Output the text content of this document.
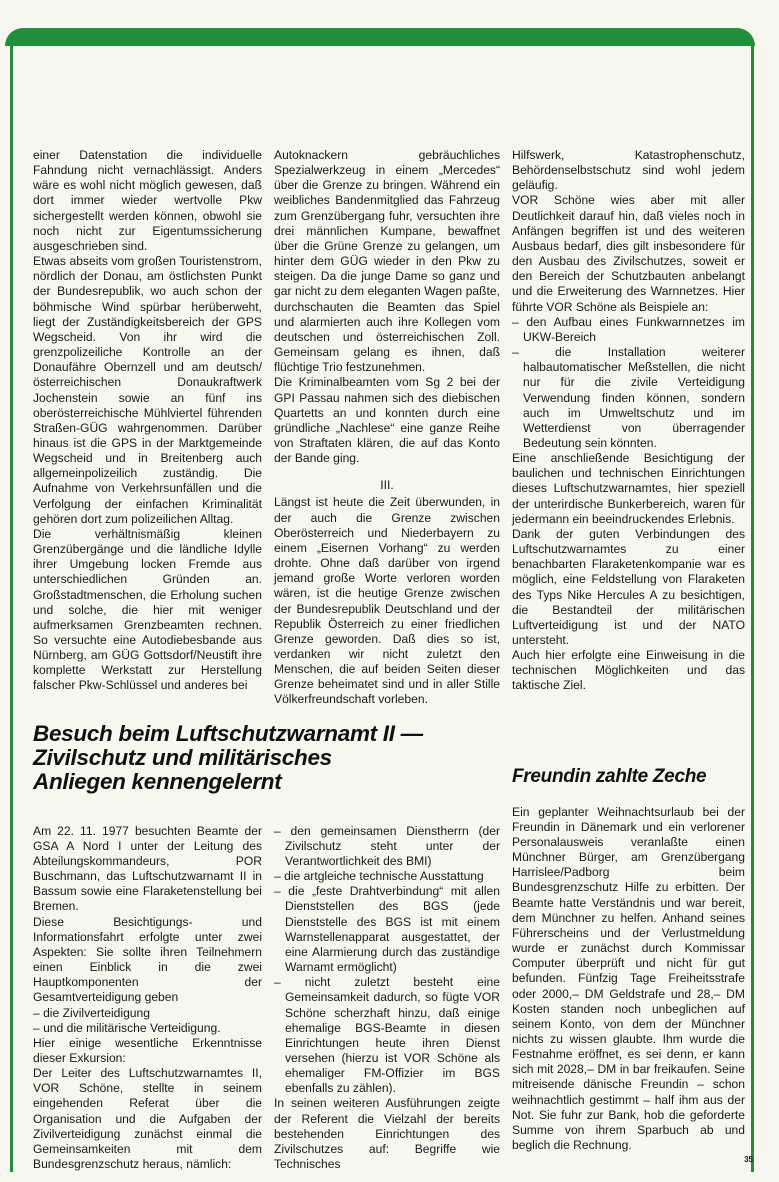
einer Datenstation die individuelle Fahndung nicht vernachlässigt. Anders wäre es wohl nicht möglich gewesen, daß dort immer wieder wertvolle Pkw sichergestellt werden können, obwohl sie noch nicht zur Eigentumssicherung ausgeschrieben sind.

Etwas abseits vom großen Touristenstrom, nördlich der Donau, am östlichsten Punkt der Bundesrepublik, wo auch schon der böhmische Wind spürbar herüberweht, liegt der Zuständigkeitsbereich der GPS Wegscheid. Von ihr wird die grenzpolizeiliche Kontrolle an der Donaufähre Obernzell und am deutsch/österreichischen Donaukraftwerk Jochenstein sowie an fünf ins oberösterreichische Mühlviertel führenden Straßen-GÜG wahrgenommen. Darüber hinaus ist die GPS in der Marktgemeinde Wegscheid und in Breitenberg auch allgemeinpolizeilich zuständig. Die Aufnahme von Verkehrsunfällen und die Verfolgung der einfachen Kriminalität gehören dort zum polizeilichen Alltag.

Die verhältnismäßig kleinen Grenzübergänge und die ländliche Idylle ihrer Umgebung locken Fremde aus unterschiedlichen Gründen an. Großstadtmenschen, die Erholung suchen und solche, die hier mit weniger aufmerksamen Grenzbeamten rechnen. So versuchte eine Autodiebesbande aus Nürnberg, am GÜG Gottsdorf/Neustift ihre komplette Werkstatt zur Herstellung falscher Pkw-Schlüssel und anderes bei

Autoknackern gebräuchliches Spezialwerkzeug in einem „Mercedes“ über die Grenze zu bringen. Während ein weibliches Bandenmitglied das Fahrzeug zum Grenzübergang fuhr, versuchten ihre drei männlichen Kumpane, bewaffnet über die Grüne Grenze zu gelangen, um hinter dem GÜG wieder in den Pkw zu steigen. Da die junge Dame so ganz und gar nicht zu dem eleganten Wagen paßte, durchschauten die Beamten das Spiel und alarmierten auch ihre Kollegen vom deutschen und österreichischen Zoll. Gemeinsam gelang es ihnen, daß flüchtige Trio festzunehmen.

Die Kriminalbeamten vom Sg 2 bei der GPI Passau nahmen sich des diebischen Quartetts an und konnten durch eine gründliche „Nachlese“ eine ganze Reihe von Straftaten klären, die auf das Konto der Bande ging.

III.

Längst ist heute die Zeit überwunden, in der auch die Grenze zwischen Oberösterreich und Niederbayern zu einem „Eisernen Vorhang“ zu werden drohte. Ohne daß darüber von irgend jemand große Worte verloren worden wären, ist die heutige Grenze zwischen der Bundesrepublik Deutschland und der Republik Österreich zu einer friedlichen Grenze geworden. Daß dies so ist, verdanken wir nicht zuletzt den Menschen, die auf beiden Seiten dieser Grenze beheimatet sind und in aller Stille Völkerfreundschaft vorleben.

Hilfswerk, Katastrophenschutz, Behördenselbstschutz sind wohl jedem geläufig.

VOR Schöne wies aber mit aller Deutlichkeit darauf hin, daß vieles noch in Anfängen begriffen ist und des weiteren Ausbaus bedarf, dies gilt insbesondere für den Ausbau des Zivilschutzes, soweit er den Bereich der Schutzbauten anbelangt und die Erweiterung des Warnnetzes. Hier führte VOR Schöne als Beispiele an:

– den Aufbau eines Funkwarnnetzes im UKW-Bereich

– die Installation weiterer halbautomatischer Meßstellen, die nicht nur für die zivile Verteidigung Verwendung finden können, sondern auch im Umweltschutz und im Wetterdienst von überragender Bedeutung sein könnten.

Eine anschließende Besichtigung der baulichen und technischen Einrichtungen dieses Luftschutzwarnamtes, hier speziell der unterirdische Bunkerbereich, waren für jedermann ein beeindruckendes Erlebnis.

Dank der guten Verbindungen des Luftschutzwarnamtes zu einer benachbarten Flaraketenkompanie war es möglich, eine Feldstellung von Flaraketen des Typs Nike Hercules A zu besichtigen, die Bestandteil der militärischen Luftverteidigung ist und der NATO untersteht.

Auch hier erfolgte eine Einweisung in die technischen Möglichkeiten und das taktische Ziel.

Besuch beim Luftschutzwarnamt II —
Zivilschutz und militärisches
Anliegen kennengelernt

Am 22. 11. 1977 besuchten Beamte der GSA A Nord I unter der Leitung des Abteilungskommandeurs, POR Buschmann, das Luftschutzwarnamt II in Bassum sowie eine Flaraketenstellung bei Bremen.

Diese Besichtigungs- und Informationsfahrt erfolgte unter zwei Aspekten: Sie sollte ihren Teilnehmern einen Einblick in die zwei Hauptkomponenten der Gesamtverteidigung geben

– die Zivilverteidigung

– und die militärische Verteidigung.

Hier einige wesentliche Erkenntnisse dieser Exkursion:

Der Leiter des Luftschutzwarnamtes II, VOR Schöne, stellte in seinem eingehenden Referat über die Organisation und die Aufgaben der Zivilverteidigung zunächst einmal die Gemeinsamkeiten mit dem Bundesgrenzschutz heraus, nämlich:

– den gemeinsamen Dienstherrn (der Zivilschutz steht unter der Verantwortlichkeit des BMI)

– die artgleiche technische Ausstattung

– die „feste Drahtverbindung“ mit allen Dienststellen des BGS (jede Dienststelle des BGS ist mit einem Warnstellenapparat ausgestattet, der eine Alarmierung durch das zuständige Warnamt ermöglicht)

– nicht zuletzt besteht eine Gemeinsamkeit dadurch, so fügte VOR Schöne scherzhaft hinzu, daß einige ehemalige BGS-Beamte in diesen Einrichtungen heute ihren Dienst versehen (hierzu ist VOR Schöne als ehemaliger FM-Offizier im BGS ebenfalls zu zählen).

In seinen weiteren Ausführungen zeigte der Referent die Vielzahl der bereits bestehenden Einrichtungen des Zivilschutzes auf: Begriffe wie Technisches

Freundin zahlte Zeche

Ein geplanter Weihnachtsurlaub bei der Freundin in Dänemark und ein verlorener Personalausweis veranlaßte einen Münchner Bürger, am Grenzübergang Harrislee/Padborg beim Bundesgrenzschutz Hilfe zu erbitten. Der Beamte hatte Verständnis und war bereit, dem Münchner zu helfen. Anhand seines Führerscheins und der Verlustmeldung wurde er zunächst durch Kommissar Computer überprüft und nicht für gut befunden. Fünfzig Tage Freiheitsstrafe oder 2000,– DM Geldstrafe und 28,– DM Kosten standen noch unbeglichen auf seinem Konto, von dem der Münchner nichts zu wissen glaubte. Ihm wurde die Festnahme eröffnet, es sei denn, er kann sich mit 2028,– DM in bar freikaufen. Seine mitreisende dänische Freundin – schon weihnachtlich gestimmt – half ihm aus der Not. Sie fuhr zur Bank, hob die geforderte Summe von ihrem Sparbuch ab und beglich die Rechnung.

35
